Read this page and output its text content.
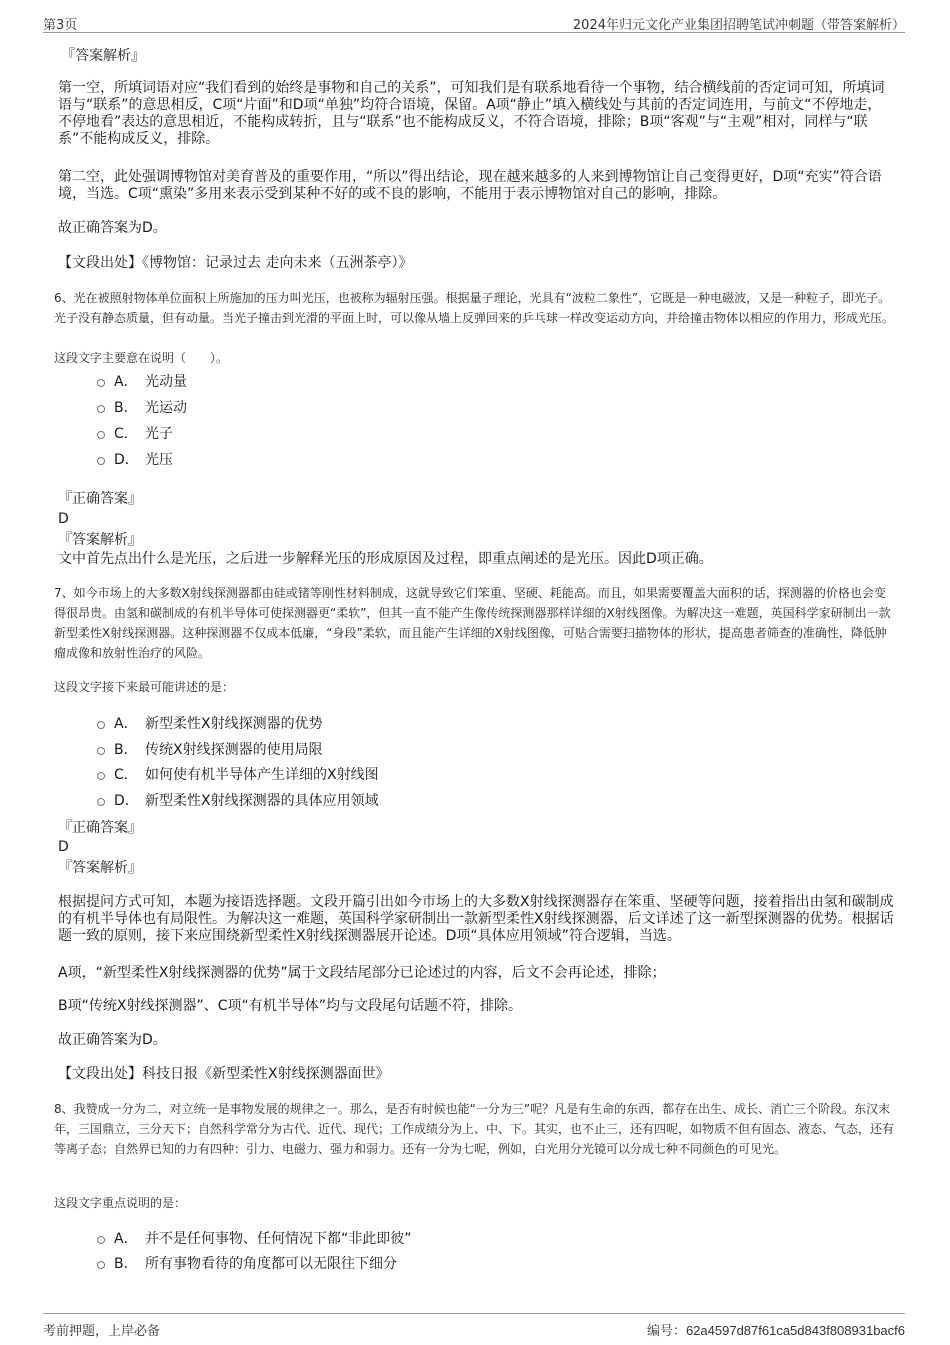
第3页	2024年归元文化产业集团招聘笔试冲刺题（带答案解析）
『答案解析』

第一空，所填词语对应“我们看到的始终是事物和自己的关系”，可知我们是有联系地看待一个事物，结合横线前的否定词可知，所填词语与“联系”的意思相反，C项“片面”和D项“单独”均符合语境，保留。A项“静止”填入横线处与其前的否定词连用，与前文“不停地走，不停地看”表达的意思相近，不能构成转折，且与“联系”也不能构成反义，不符合语境，排除；B项“客观”与“主观”相对，同样与“联系”不能构成反义，排除。

第二空，此处强调博物馆对美育普及的重要作用，“所以”得出结论，现在越来越多的人来到博物馆让自己变得更好，D项“充实”符合语境，当选。C项“熏染”多用来表示受到某种不好的或不良的影响，不能用于表示博物馆对自己的影响，排除。

故正确答案为D。
【文段出处】《博物馆：记录过去 走向未来（五洲茶亭）》

6、光在被照射物体单位面积上所施加的压力叫光压，也被称为辐射压强。根据量子理论，光具有“波粒二象性”，它既是一种电磁波，又是一种粒子，即光子。光子没有静态质量，但有动量。当光子撞击到光滑的平面上时，可以像从墙上反弹回来的乒乓球一样改变运动方向，并给撞击物体以相应的作用力，形成光压。

这段文字主要意在说明（　　）。
A． 光动量
B． 光运动
C． 光子
D． 光压
『正确答案』
D
『答案解析』
文中首先点出什么是光压，之后进一步解释光压的形成原因及过程，即重点阐述的是光压。因此D项正确。

7、如今市场上的大多数X射线探测器都由硅或锗等刚性材料制成，这就导致它们笨重、坚硬、耗能高。而且，如果需要覆盖大面积的话，探测器的价格也会变得很昂贵。由氢和碳制成的有机半导体可使探测器更“柔软”，但其一直不能产生像传统探测器那样详细的X射线图像。为解决这一难题，英国科学家研制出一款新型柔性X射线探测器。这种探测器不仅成本低廉，“身段”柔软，而且能产生详细的X射线图像，可贴合需要扫描物体的形状，提高患者筛查的准确性，降低肿瘤成像和放射性治疗的风险。

这段文字接下来最可能讲述的是：
A． 新型柔性X射线探测器的优势
B． 传统X射线探测器的使用局限
C． 如何使有机半导体产生详细的X射线图
D． 新型柔性X射线探测器的具体应用领域
『正确答案』
D
『答案解析』

根据提问方式可知，本题为接语选择题。文段开篇引出如今市场上的大多数X射线探测器存在笨重、坚硬等问题，接着指出由氢和碳制成的有机半导体也有局限性。为解决这一难题，英国科学家研制出一款新型柔性X射线探测器，后文详述了这一新型探测器的优势。根据话题一致的原则，接下来应围绕新型柔性X射线探测器展开论述。D项“具体应用领域”符合逻辑，当选。

A项，“新型柔性X射线探测器的优势”属于文段结尾部分已论述过的内容，后文不会再论述，排除；
B项“传统X射线探测器”、C项“有机半导体”均与文段尾句话题不符，排除。
故正确答案为D。
【文段出处】科技日报《新型柔性X射线探测器面世》

8、我赞成一分为二，对立统一是事物发展的规律之一。那么，是否有时候也能“一分为三”呢？凡是有生命的东西，都存在出生、成长、消亡三个阶段。东汉末年，三国鼎立，三分天下；自然科学常分为古代、近代、现代；工作成绩分为上、中、下。其实，也不止三，还有四呢，如物质不但有固态、液态、气态，还有等离子态；自然界已知的力有四种：引力、电磁力、强力和弱力。还有一分为七呢，例如，白光用分光镜可以分成七种不同颜色的可见光。

这段文字重点说明的是：
A． 并不是任何事物、任何情况下都“非此即彼”
B． 所有事物看待的角度都可以无限往下细分
考前押题，上岸必备	编号：62a4597d87f61ca5d843f808931bacf6
